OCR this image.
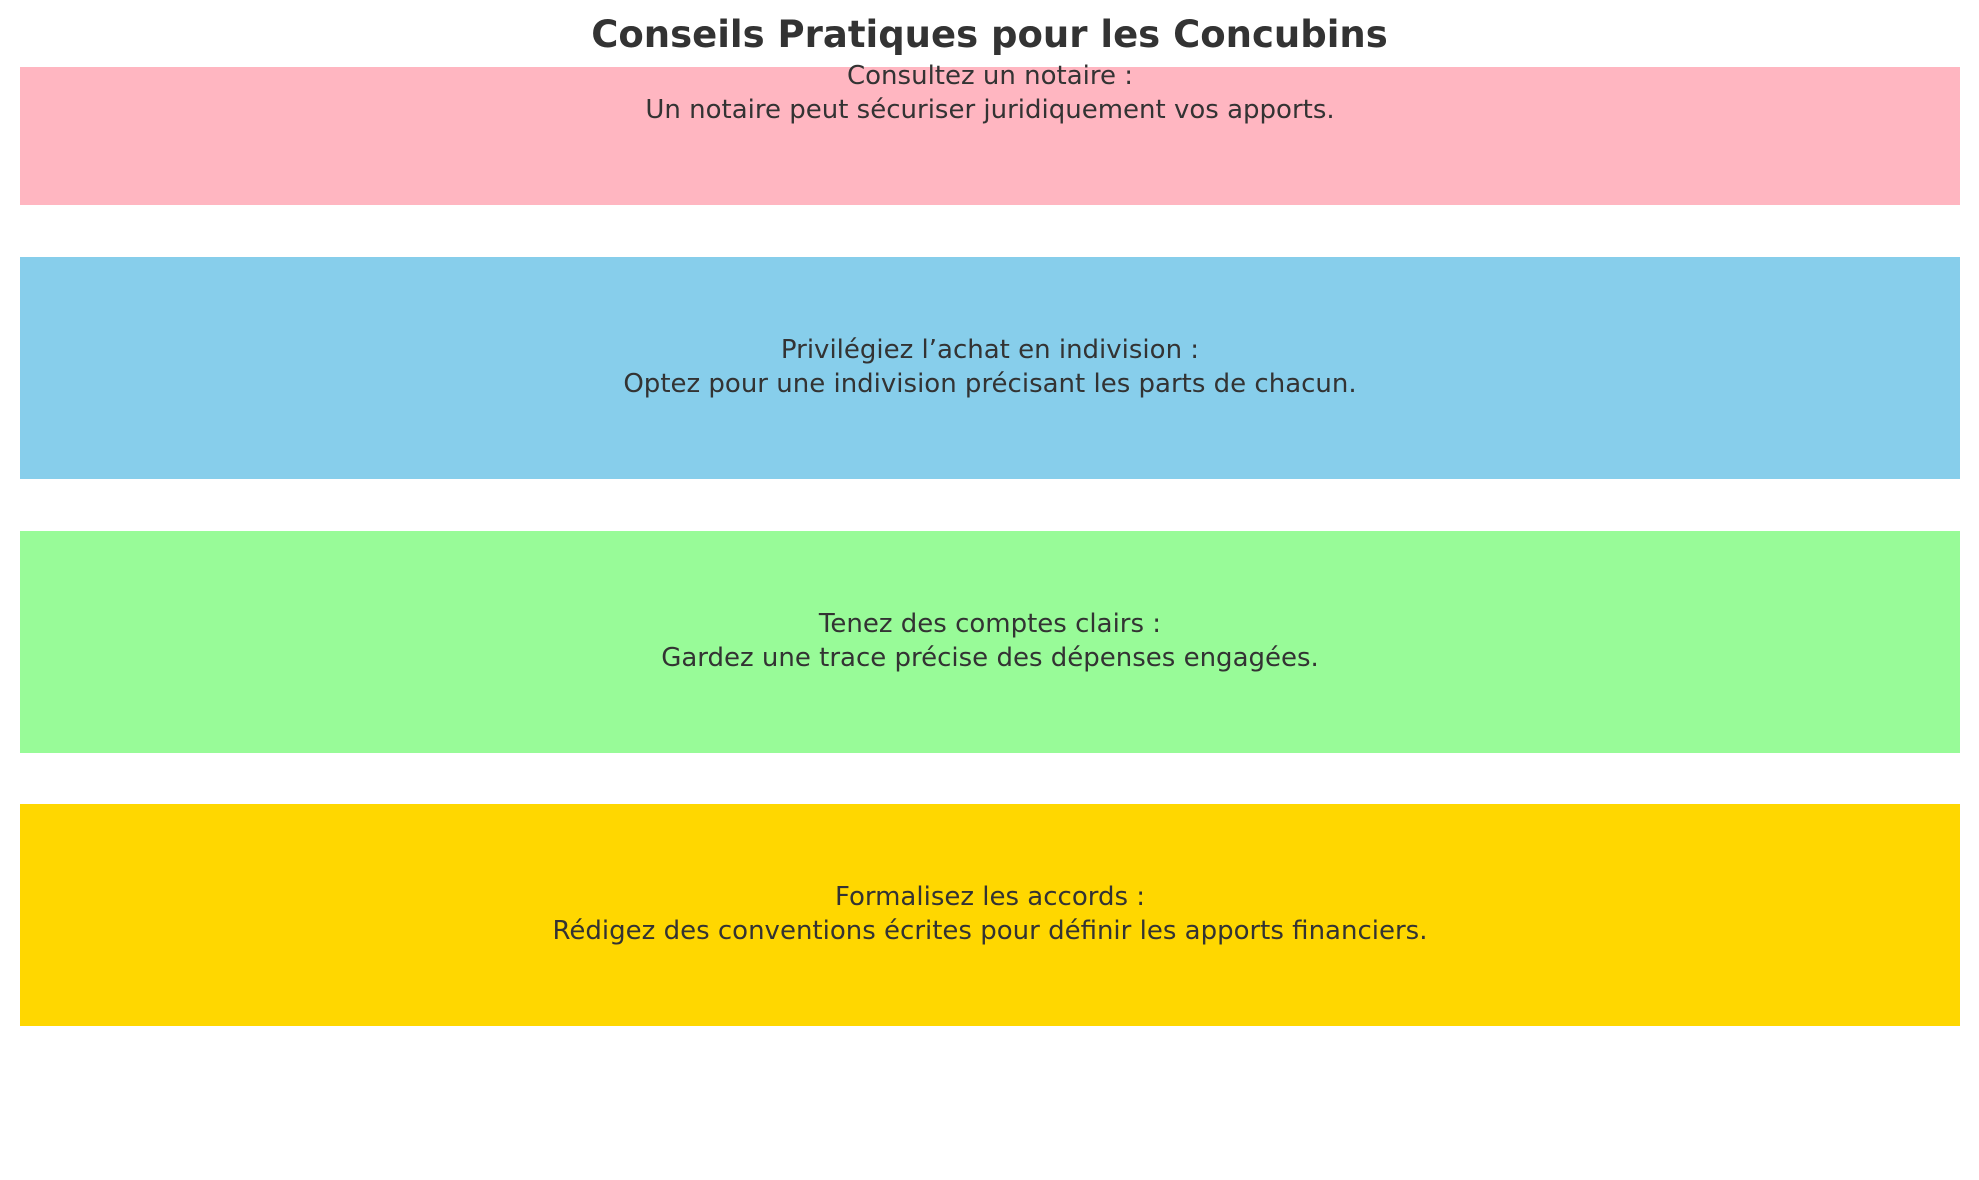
Conseils Pratiques pour les Concubins
Consultez un notaire :
Un notaire peut sécuriser juridiquement vos apports.
Privilégiez l’achat en indivision :
Optez pour une indivision précisant les parts de chacun.
Tenez des comptes clairs :
Gardez une trace précise des dépenses engagées.
Formalisez les accords :
Rédigez des conventions écrites pour définir les apports financiers.
